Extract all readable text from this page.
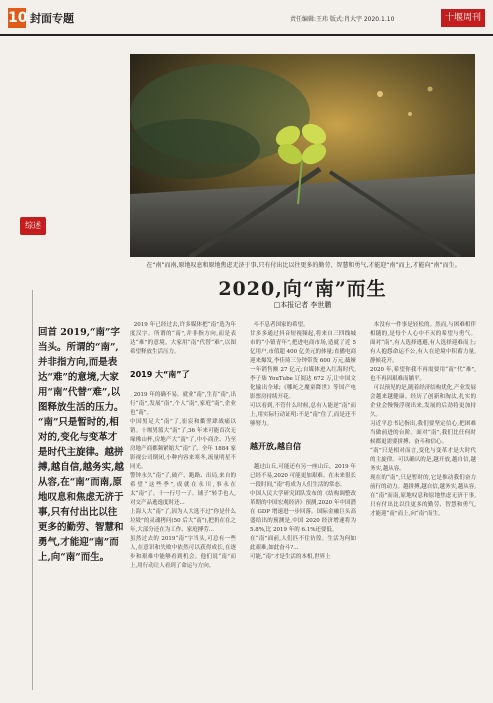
10 封面专题	责任编辑:王玮 版式:肖大宇 2020.1.10	十堰周刊
在“南”而南,原地叹息和原地焦虑无济于事,只有付出比以往更多的勤劳、智慧和勇气,才能迎“南”而上,才能向“南”而生。
2020,向“南”而生
□本报记者 李世鹏
综述
回首 2019,“南”字当头。所谓的“南”,并非指方向,而是表达“难”的意境,大家用“南”代替“难”,以图释放生活的压力。
“南”只是暂时的,相对的,变化与变革才是时代主旋律。越拼搏,越自信,越务实,越从容,在“南”而南,原地叹息和焦虑无济于事,只有付出比以往更多的勤劳、智慧和勇气,才能迎“南”而上,向“南”而生。

2019 年已经过去,许多媒体把“南”选为年度汉字。所谓的“南”,并非指方向,而是表达“难”的意境。大家用“南”代替“难”,以图希望释放生活压力。

2019 大“南”了

2019 年的确不易。就业“南”,生育“南”,出行“南”,发展“南”,个人“南”,家庭“南”,企业也“南”。
中国男足大“南”了,崔宸和衢翌肆战痛以销。十堰男篮大“南”了,36 年来可能首次无缘佛山杯,房地产大“南”了,中小商企、乃至房地产商都频紧缩大“南”了。全年 1884 家影视公司倒闭,小种内容来寒冬,流量明星不同光。
警钟永久“南”了,破产、跑路、出局,来自的希望“这些季”,成就在永川,事永在太“南”了。十一行号一了。铺子“转手也人,对交产品逃逸度时还...
上海人大“南”了,因为人大选不过“你是什么垃圾”的灵魂拷问(50 后大“南”),把扔在在之年,大部分还在为工作、家庭搏劳...
虽然过去的 2019“南”字当头,可总有一些人,在意识和失败中依然可以获得成长,在逐步和艰难中能够看到机会。他们说“南”而上,用行动让人看到了命运与方向。

斗不息者国家的希望。
甘多多通过抖音短视频起,将来自三四线城市的“小镇青年”,把进电商市场,造就了近 5 亿用户,市值超 400 亿美元的体量;直播电商迎来爆发,李佳琦三分钟带货 600 万元,薇娅一年销售额 27 亿元;自媒体进入红海时代,李子柒 YouTube 订阅达 672 万,让中国文化输出全球;《哪吒之魔童降世》等国产电影票房持续开花。
可以看到,不管什么时候,总有人能逆“南”而上,用实际行动证明:不是“南”住了,而是还不够努力。

越开放,越自信

越过山丘,可能还有另一座山丘。2019 年已经不易,2020 可能更加艰难。在未来很长一段时间,“南”将成为人们生活的常态。
中国人民大学研究团队发布的《结构调整改革期的中国宏观经济》预测,2020 年中国潜在 GDP 增速进一步回落。国际金融巨头高盛给出的预测是,中国 2020 经济增速将为 5.8%,比 2019 年的 6.1%还要低。
在“南”面前,人们匹不住彷徨。生活为何如此艰难,如此奋斗?...
可能,“南”才是生活的本相,世界上

本没有一件事是轻松的。然而,与困难相伴相随的,是每个人心中不灭的希望与勇气。面对“南”,有人选择逃避,有人选择迎难而上;有人抱怨命运不公,有人在逆境中积蓄力量,静候花开。
2020 年,希望你我不再需要用“南”代“难”,也不再因艰难而躺平。
可以预见的是,随着经济结构优化,产业发展会越来越健康。经历了创新和淘汰,扎实的企业会慢慢浮现出来,发展的后劲将更加持久。
习近平总书记指出,我们要坚定信心,把困难当做前进的台阶。面对“南”,我们比任何时候都更需要拼搏、奋斗和信心。
“南”只是相对而言,变化与变革才是大时代的主旋律。可以确认的是,越开放,越自信,越务实,越从容。
现在的“南”,只是暂时的,它是推动我们奋力前行的动力。越拼搏,越自信,越务实,越从容,在“南”而南,原地叹息和原地焦虑无济于事,只有付出比以往更多的勤劳、智慧和勇气,才能迎“南”而上,向“南”而生。
